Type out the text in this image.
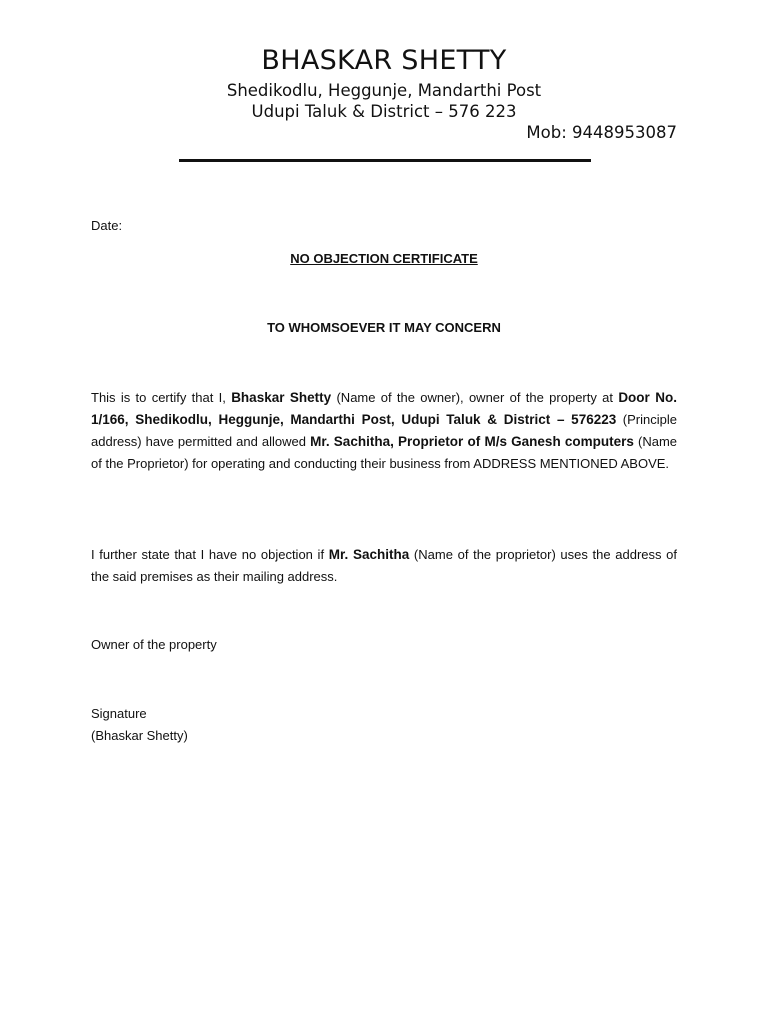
BHASKAR SHETTY
Shedikodlu, Heggunje, Mandarthi Post
Udupi Taluk & District – 576 223
Mob: 9448953087
Date:
NO OBJECTION CERTIFICATE
TO WHOMSOEVER IT MAY CONCERN
This is to certify that I, Bhaskar Shetty (Name of the owner), owner of the property at Door No. 1/166, Shedikodlu, Heggunje, Mandarthi Post, Udupi Taluk & District – 576223 (Principle address) have permitted and allowed Mr. Sachitha, Proprietor of M/s Ganesh computers (Name of the Proprietor) for operating and conducting their business from ADDRESS MENTIONED ABOVE.
I further state that I have no objection if Mr. Sachitha (Name of the proprietor) uses the address of the said premises as their mailing address.
Owner of the property
Signature
(Bhaskar Shetty)
